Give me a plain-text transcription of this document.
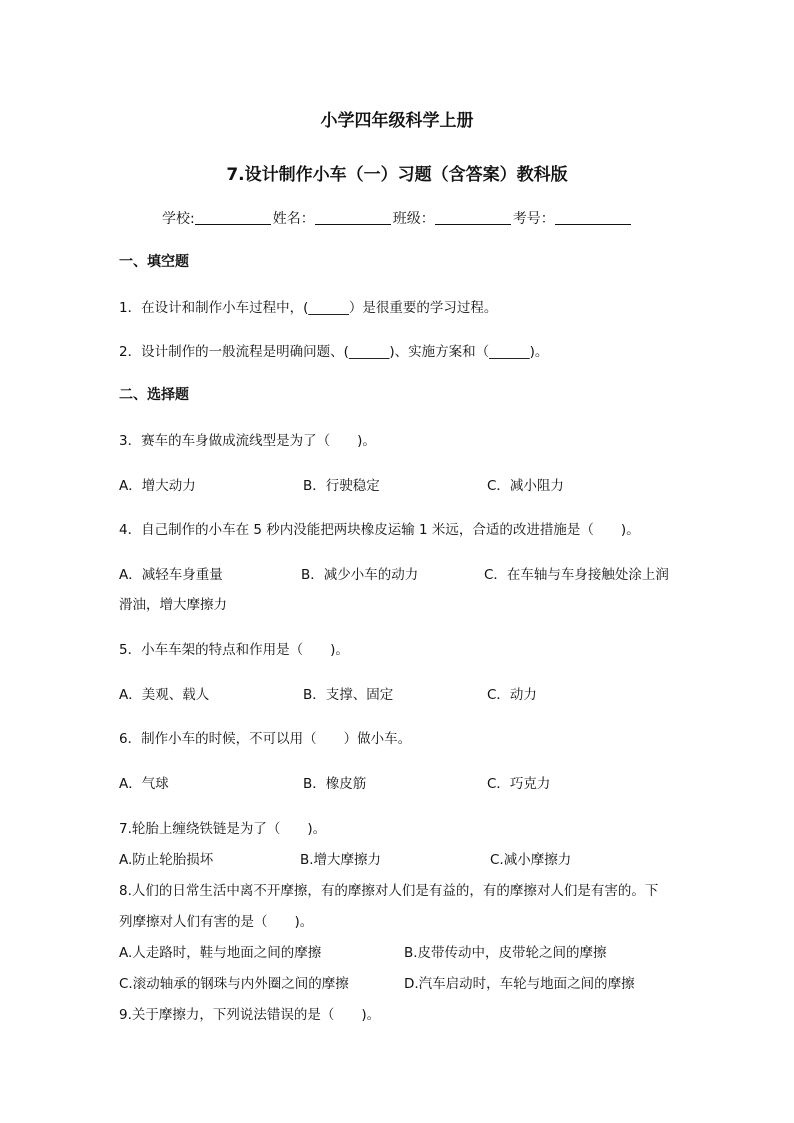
小学四年级科学上册
7.设计制作小车（一）习题（含答案）教科版
学校:	姓名：	班级：	考号：
一、填空题
1．在设计和制作小车过程中，(______）是很重要的学习过程。
2．设计制作的一般流程是明确问题、(______)、实施方案和（______)。
二、选择题
3．赛车的车身做成流线型是为了（　　)。
A．增大动力	B．行驶稳定	C．减小阻力
4．自己制作的小车在 5 秒内没能把两块橡皮运输 1 米远，合适的改进措施是（　　)。
A．减轻车身重量	B．减少小车的动力	C．在车轴与车身接触处涂上润
滑油，增大摩擦力
5．小车车架的特点和作用是（　　)。
A．美观、载人	B．支撑、固定	C．动力
6．制作小车的时候，不可以用（　　）做小车。
A．气球	B．橡皮筋	C．巧克力
7.轮胎上缠绕铁链是为了（　　)。
A.防止轮胎损坏	B.增大摩擦力	C.减小摩擦力
8.人们的日常生活中离不开摩擦，有的摩擦对人们是有益的，有的摩擦对人们是有害的。下
列摩擦对人们有害的是（　　)。
A.人走路时，鞋与地面之间的摩擦	B.皮带传动中，皮带轮之间的摩擦
C.滚动轴承的钢珠与内外圈之间的摩擦	D.汽车启动时，车轮与地面之间的摩擦
9.关于摩擦力，下列说法错误的是（　　)。
